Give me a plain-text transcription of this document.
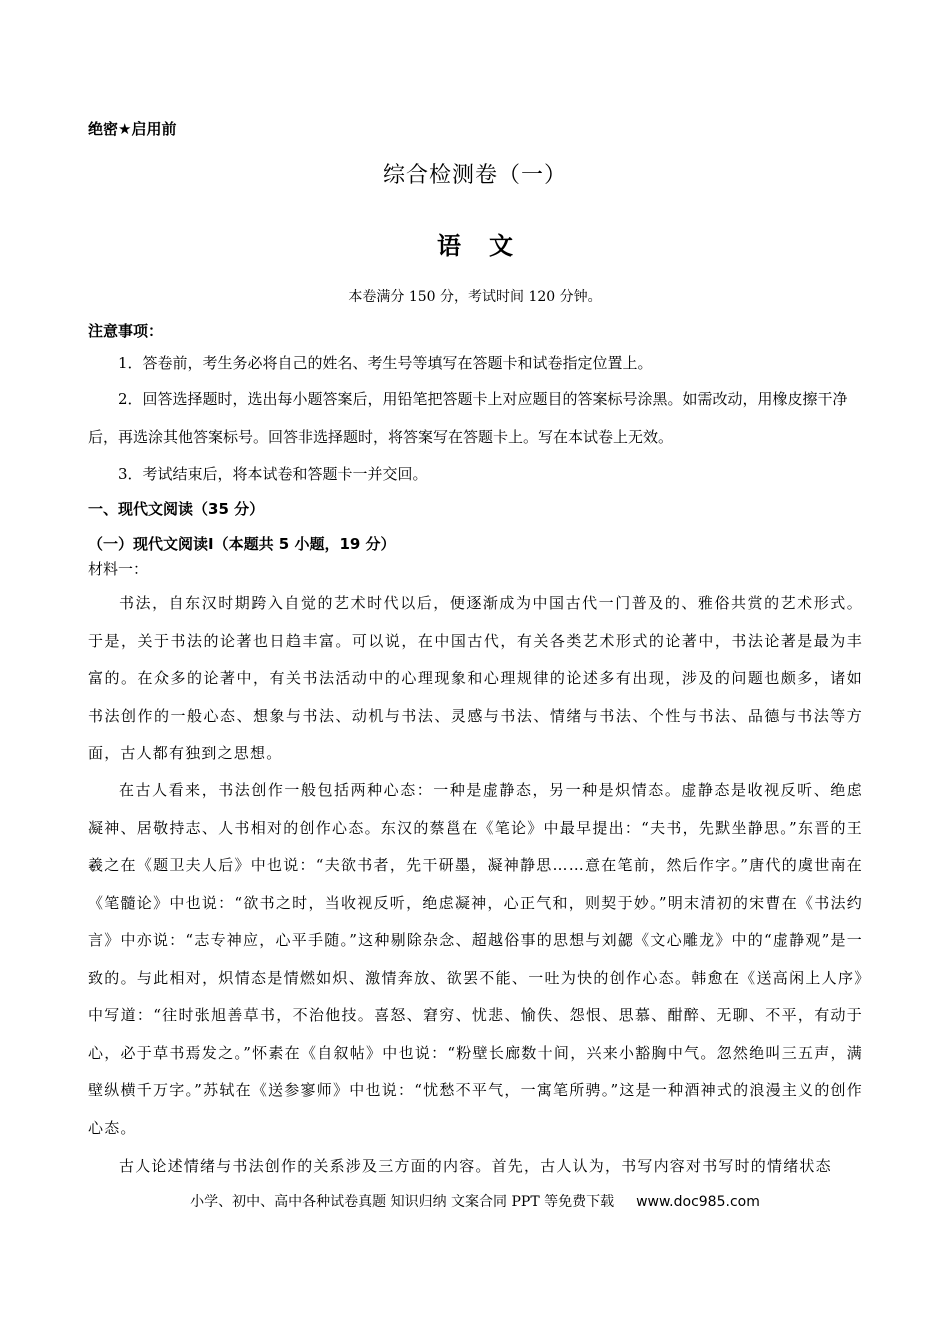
绝密★启用前
综合检测卷（一）
语文
本卷满分 150 分，考试时间 120 分钟。
注意事项：
1．答卷前，考生务必将自己的姓名、考生号等填写在答题卡和试卷指定位置上。
2．回答选择题时，选出每小题答案后，用铅笔把答题卡上对应题目的答案标号涂黑。如需改动，用橡皮擦干净后，再选涂其他答案标号。回答非选择题时，将答案写在答题卡上。写在本试卷上无效。
3．考试结束后，将本试卷和答题卡一并交回。
一、现代文阅读（35 分）
（一）现代文阅读Ⅰ（本题共 5 小题，19 分）
材料一：
书法，自东汉时期跨入自觉的艺术时代以后，便逐渐成为中国古代一门普及的、雅俗共赏的艺术形式。于是，关于书法的论著也日趋丰富。可以说，在中国古代，有关各类艺术形式的论著中，书法论著是最为丰富的。在众多的论著中，有关书法活动中的心理现象和心理规律的论述多有出现，涉及的问题也颇多，诸如书法创作的一般心态、想象与书法、动机与书法、灵感与书法、情绪与书法、个性与书法、品德与书法等方面，古人都有独到之思想。
在古人看来，书法创作一般包括两种心态：一种是虚静态，另一种是炽情态。虚静态是收视反听、绝虑凝神、居敬持志、人书相对的创作心态。东汉的蔡邕在《笔论》中最早提出：“夫书，先默坐静思。”东晋的王羲之在《题卫夫人后》中也说：“夫欲书者，先干研墨，凝神静思……意在笔前，然后作字。”唐代的虞世南在《笔髓论》中也说：“欲书之时，当收视反听，绝虑凝神，心正气和，则契于妙。”明末清初的宋曹在《书法约言》中亦说：“志专神应，心平手随。”这种剔除杂念、超越俗事的思想与刘勰《文心雕龙》中的“虚静观”是一致的。与此相对，炽情态是情燃如炽、激情奔放、欲罢不能、一吐为快的创作心态。韩愈在《送高闲上人序》中写道：“往时张旭善草书，不治他技。喜怒、窘穷、忧悲、愉佚、怨恨、思慕、酣醉、无聊、不平，有动于心，必于草书焉发之。”怀素在《自叙帖》中也说：“粉壁长廊数十间，兴来小豁胸中气。忽然绝叫三五声，满壁纵横千万字。”苏轼在《送参寥师》中也说：“忧愁不平气，一寓笔所骋。”这是一种酒神式的浪漫主义的创作心态。
古人论述情绪与书法创作的关系涉及三方面的内容。首先，古人认为，书写内容对书写时的情绪状态
小学、初中、高中各种试卷真题 知识归纳 文案合同 PPT 等免费下载 www.doc985.com
